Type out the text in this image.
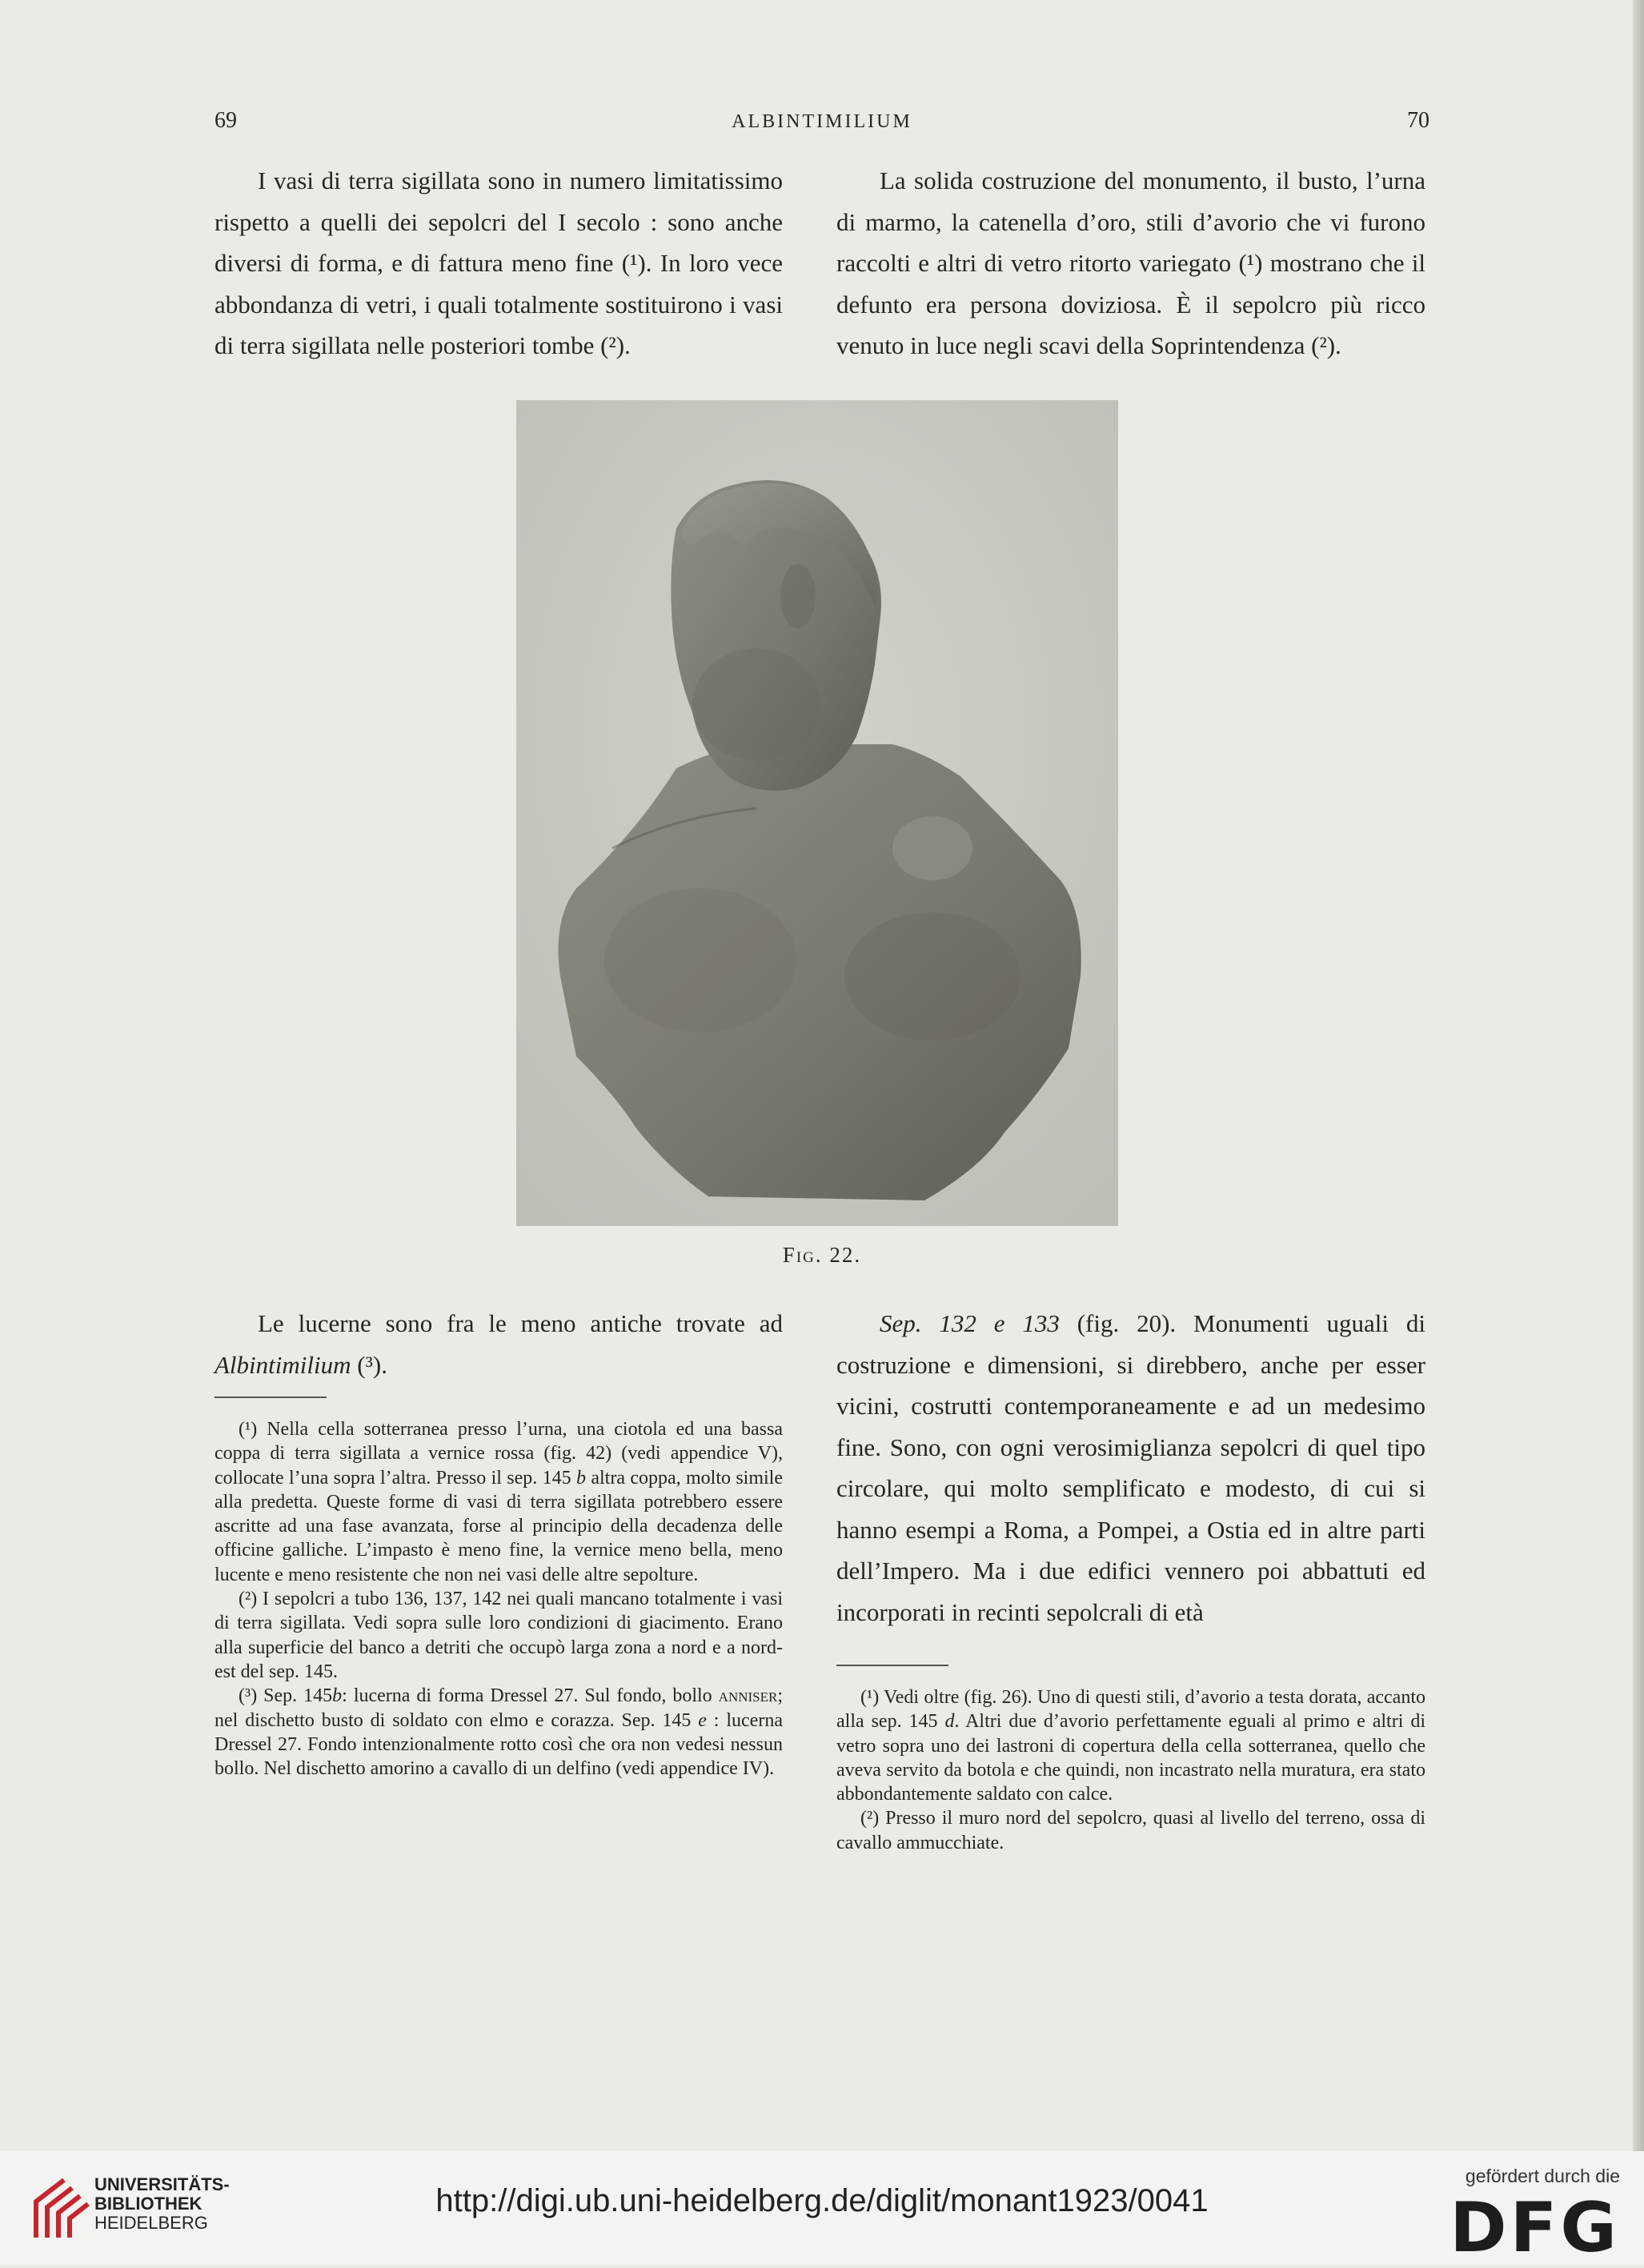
69	ALBINTIMILIUM	70

I vasi di terra sigillata sono in numero limitatissimo rispetto a quelli dei sepolcri del I secolo : sono anche diversi di forma, e di fattura meno fine (¹). In loro vece abbondanza di vetri, i quali totalmente sostituirono i vasi di terra sigillata nelle posteriori tombe (²).

La solida costruzione del monumento, il busto, l’urna di marmo, la catenella d’oro, stili d’avorio che vi furono raccolti e altri di vetro ritorto variegato (¹) mostrano che il defunto era persona doviziosa. È il sepolcro più ricco venuto in luce negli scavi della Soprintendenza (²).

Fig. 22.

Le lucerne sono fra le meno antiche trovate ad Albintimilium (³).

(¹) Nella cella sotterranea presso l’urna, una ciotola ed una bassa coppa di terra sigillata a vernice rossa (fig. 42) (vedi appendice V), collocate l’una sopra l’altra. Presso il sep. 145 b altra coppa, molto simile alla predetta. Queste forme di vasi di terra sigillata potrebbero essere ascritte ad una fase avanzata, forse al principio della decadenza delle officine galliche. L’impasto è meno fine, la vernice meno bella, meno lucente e meno resistente che non nei vasi delle altre sepolture.

(²) I sepolcri a tubo 136, 137, 142 nei quali mancano totalmente i vasi di terra sigillata. Vedi sopra sulle loro condizioni di giacimento. Erano alla superficie del banco a detriti che occupò larga zona a nord e a nord-est del sep. 145.

(³) Sep. 145b: lucerna di forma Dressel 27. Sul fondo, bollo anniser; nel dischetto busto di soldato con elmo e corazza. Sep. 145 e : lucerna Dressel 27. Fondo intenzionalmente rotto così che ora non vedesi nessun bollo. Nel dischetto amorino a cavallo di un delfino (vedi appendice IV).

Sep. 132 e 133 (fig. 20). Monumenti uguali di costruzione e dimensioni, si direbbero, anche per esser vicini, costrutti contemporaneamente e ad un medesimo fine. Sono, con ogni verosimiglianza sepolcri di quel tipo circolare, qui molto semplificato e modesto, di cui si hanno esempi a Roma, a Pompei, a Ostia ed in altre parti dell’Impero. Ma i due edifici vennero poi abbattuti ed incorporati in recinti sepolcrali di età

(¹) Vedi oltre (fig. 26). Uno di questi stili, d’avorio a testa dorata, accanto alla sep. 145 d. Altri due d’avorio perfettamente eguali al primo e altri di vetro sopra uno dei lastroni di copertura della cella sotterranea, quello che aveva servito da botola e che quindi, non incastrato nella muratura, era stato abbondantemente saldato con calce.

(²) Presso il muro nord del sepolcro, quasi al livello del terreno, ossa di cavallo ammucchiate.

UNIVERSITÄTS-
BIBLIOTHEK
HEIDELBERG
http://digi.ub.uni-heidelberg.de/diglit/monant1923/0041
gefördert durch die
DFG
